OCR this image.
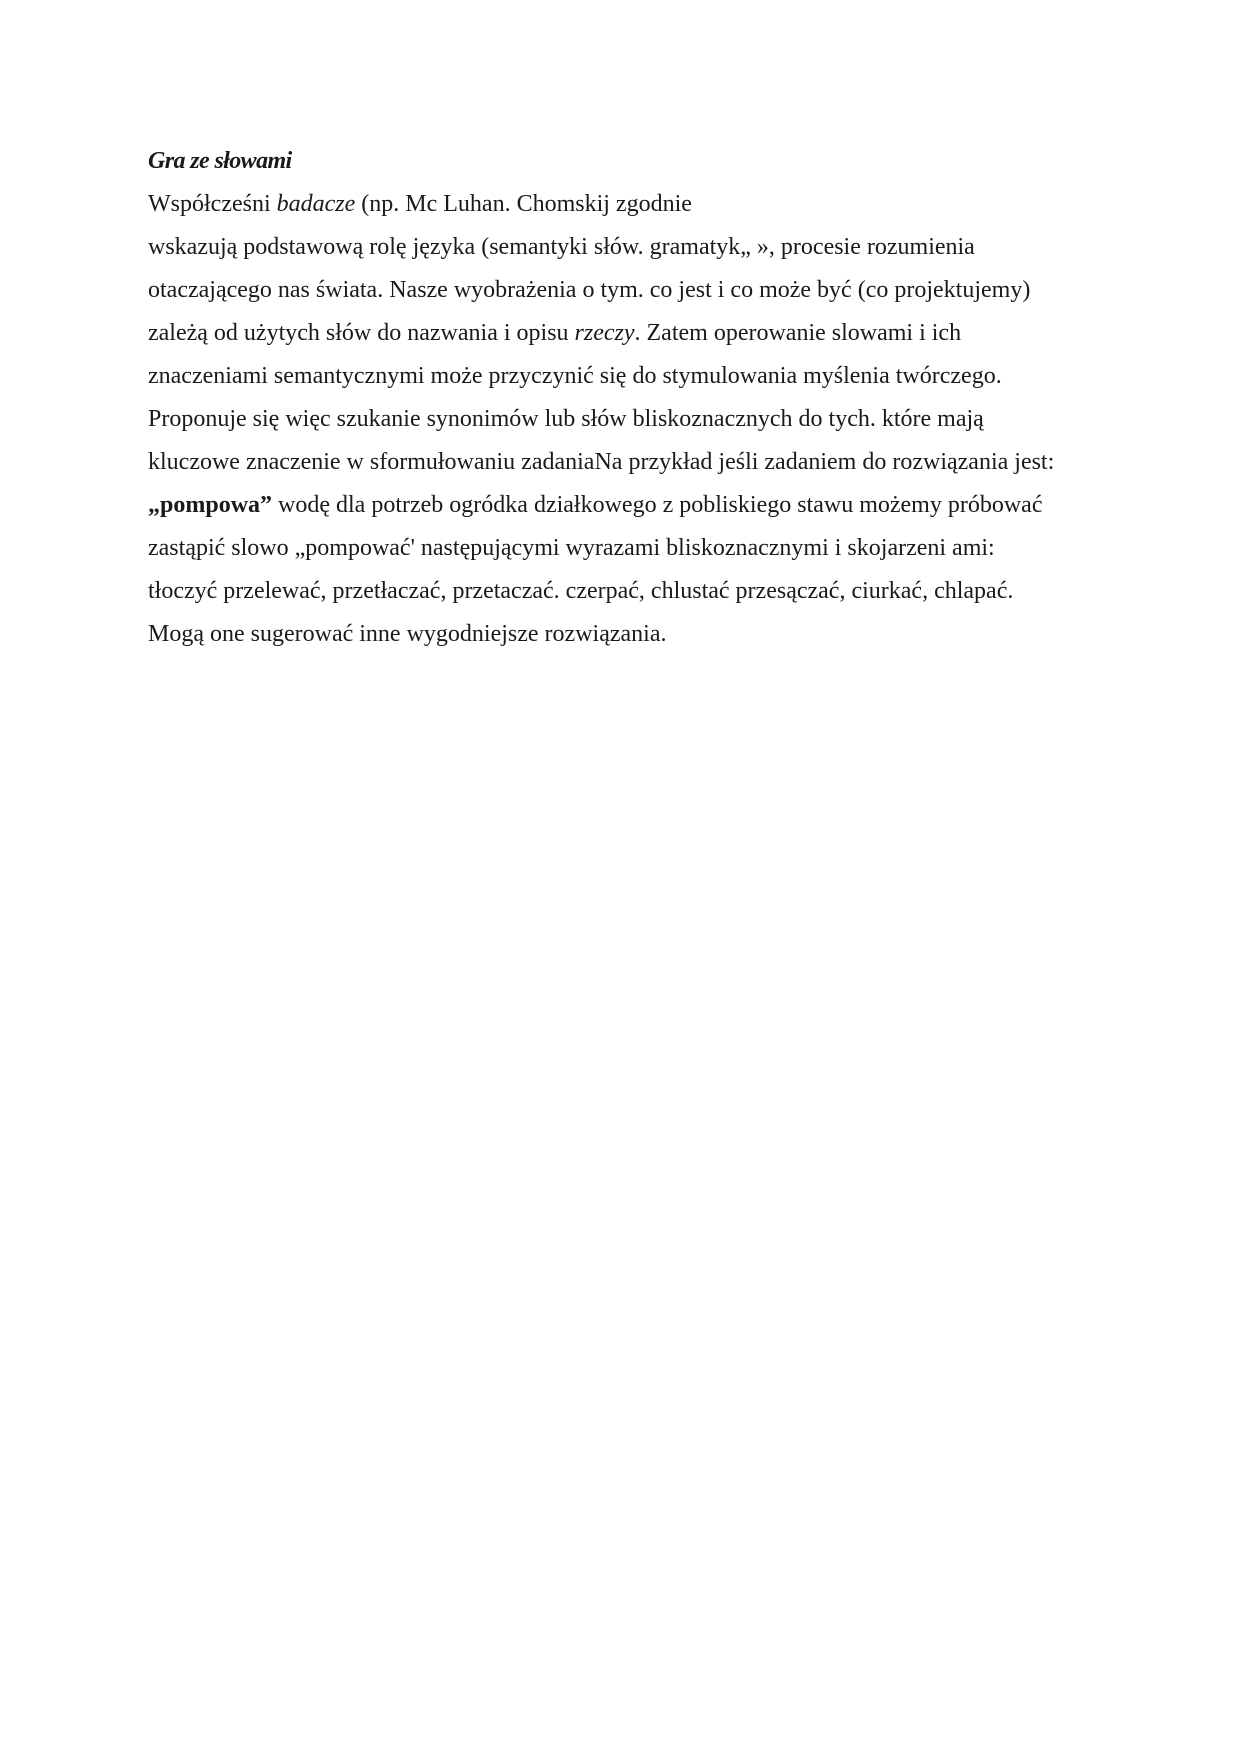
Gra ze słowami

Współcześni badacze (np. Mc Luhan. Chomskij zgodnie
wskazują podstawową rolę języka (semantyki słów. gramatyk„ », procesie rozumienia
otaczającego nas świata. Nasze wyobrażenia o tym. co jest i co może być (co projektujemy)
zależą od użytych słów do nazwania i opisu rzeczy. Zatem operowanie slowami i ich
znaczeniami semantycznymi może przyczynić się do stymulowania myślenia twórczego.
Proponuje się więc szukanie synonimów lub słów bliskoznacznych do tych. które mają
kluczowe znaczenie w sformułowaniu zadaniaNa przykład jeśli zadaniem do rozwiązania jest:
„pompowa” wodę dla potrzeb ogródka działkowego z pobliskiego stawu możemy próbować
zastąpić slowo „pompować' następującymi wyrazami bliskoznacznymi i skojarzeni ami:
tłoczyć przelewać, przetłaczać, przetaczać. czerpać, chlustać przesączać, ciurkać, chlapać.
Mogą one sugerować inne wygodniejsze rozwiązania.
